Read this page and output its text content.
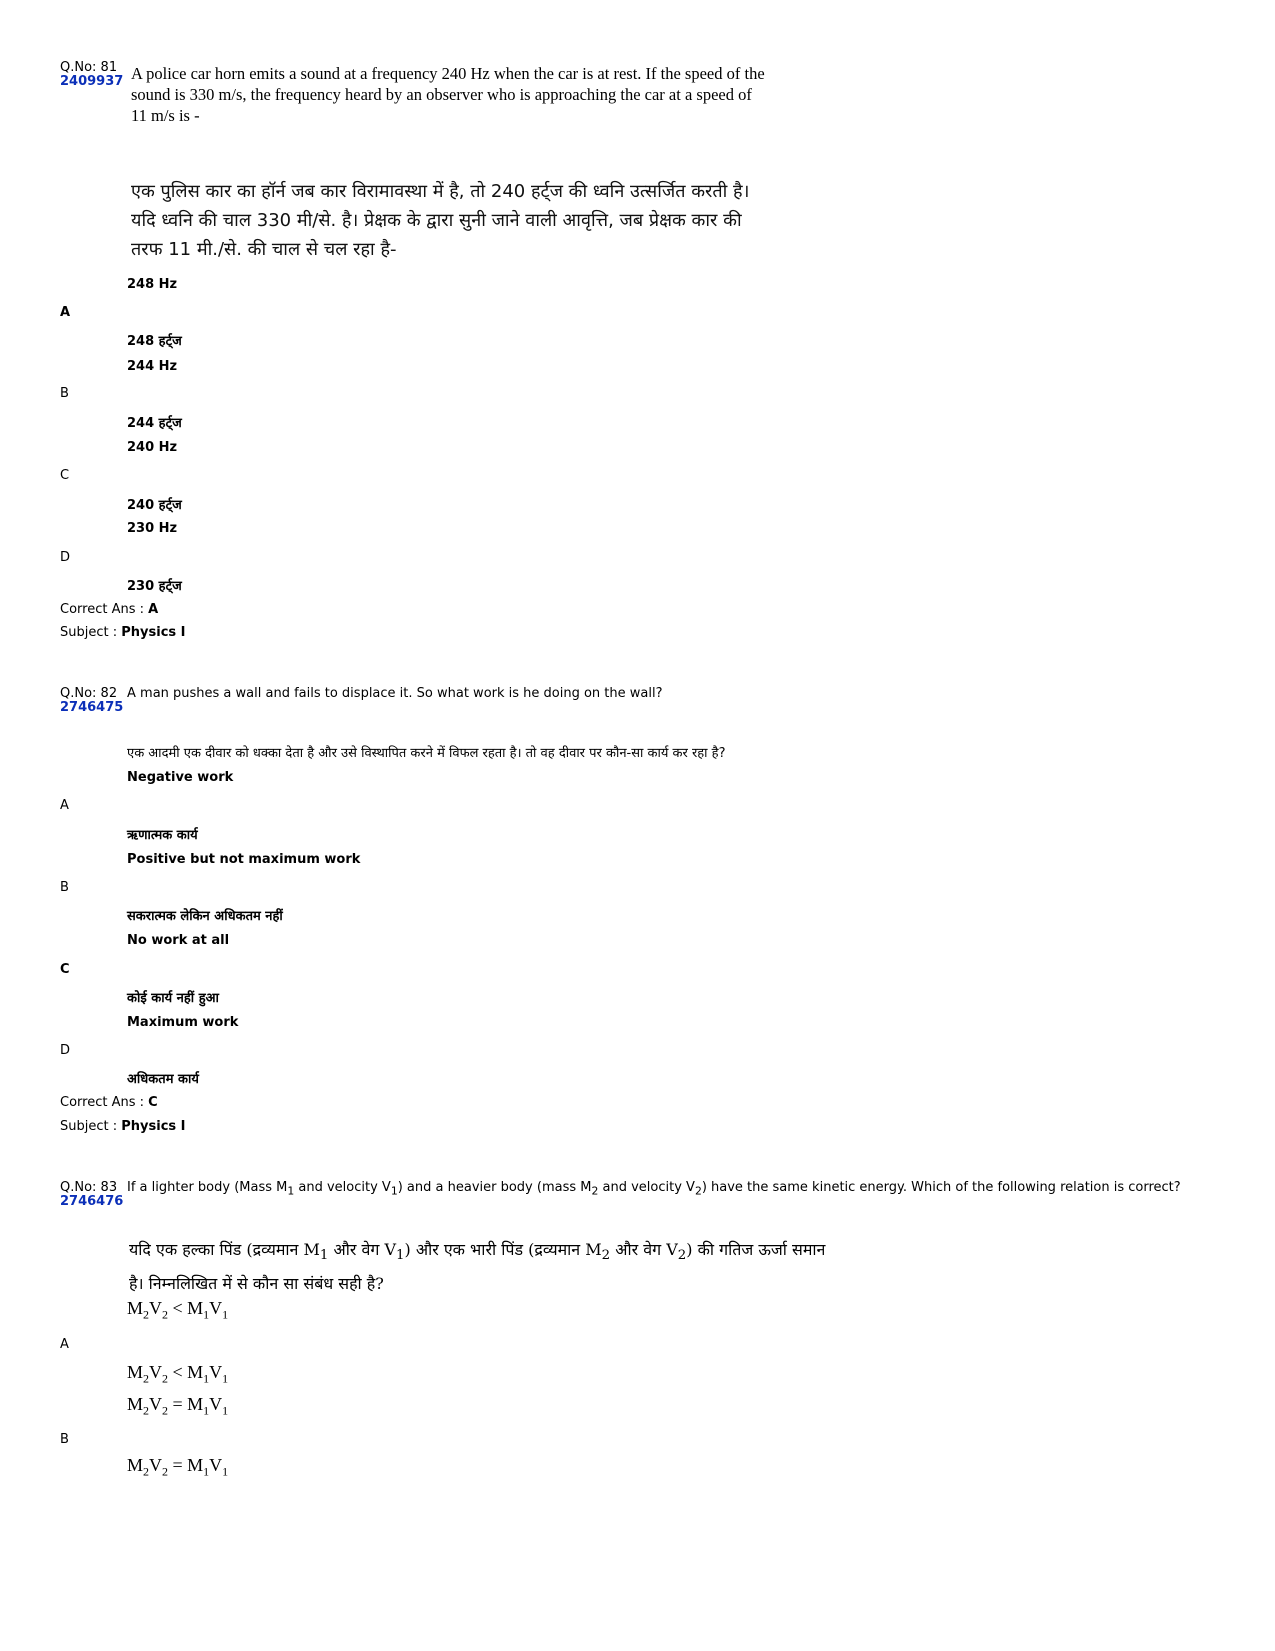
Q.No: 81
2409937 A police car horn emits a sound at a frequency 240 Hz when the car is at rest. If the speed of the sound is 330 m/s, the frequency heard by an observer who is approaching the car at a speed of 11 m/s is -
एक पुलिस कार का हॉर्न जब कार विरामावस्था में है, तो 240 हर्ट्ज की ध्वनि उत्सर्जित करती है। यदि ध्वनि की चाल 330 मी/से. है। प्रेक्षक के द्वारा सुनी जाने वाली आवृत्ति, जब प्रेक्षक कार की तरफ 11 मी./से. की चाल से चल रहा है-
248 Hz
A
248 हर्ट्ज
244 Hz
B
244 हर्ट्ज
240 Hz
C
240 हर्ट्ज
230 Hz
D
230 हर्ट्ज
Correct Ans : A
Subject : Physics I
Q.No: 82
2746475
A man pushes a wall and fails to displace it. So what work is he doing on the wall?
एक आदमी एक दीवार को धक्का देता है और उसे विस्थापित करने में विफल रहता है। तो वह दीवार पर कौन-सा कार्य कर रहा है?
Negative work
A
ऋणात्मक कार्य
Positive but not maximum work
B
सकरात्मक लेकिन अधिकतम नहीं
No work at all
C
कोई कार्य नहीं हुआ
Maximum work
D
अधिकतम कार्य
Correct Ans : C
Subject : Physics I
Q.No: 83
2746476
If a lighter body (Mass $M_1$ and velocity $V_1$) and a heavier body (mass $M_2$ and velocity $V_2$) have the same kinetic energy. Which of the following relation is correct?
यदि एक हल्का पिंड (द्रव्यमान $M_1$ और वेग $V_1$) और एक भारी पिंड (द्रव्यमान $M_2$ और वेग $V_2$) की गतिज ऊर्जा समान है। निम्नलिखित में से कौन सा संबंध सही है?
$M_2V_2 < M_1V_1$
A
$M_2V_2 < M_1V_1$
$M_2V_2 = M_1V_1$
B
$M_2V_2 = M_1V_1$
